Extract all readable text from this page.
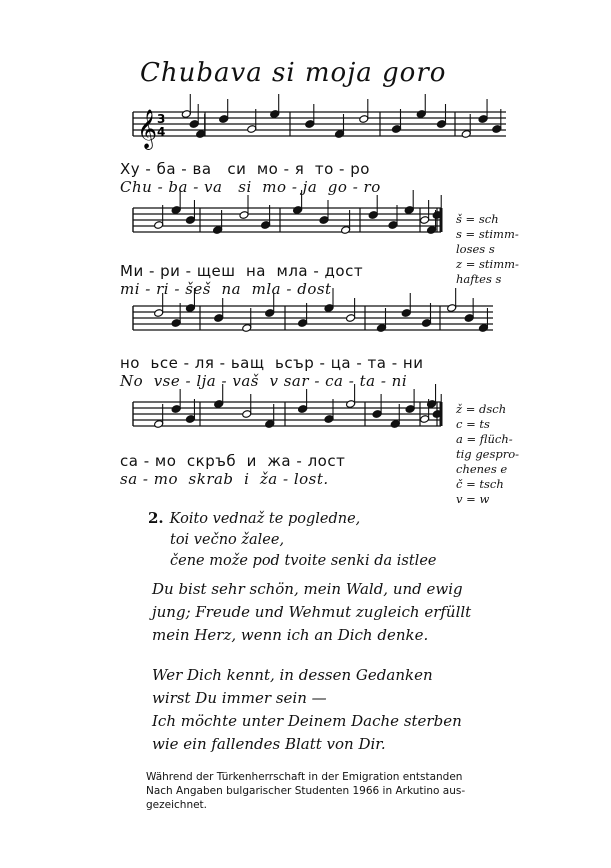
Chubava si moja goro
𝄞 3
4
Ху - ба - ва   си  мо - я  то - ро
Chu - ba - va   si  mo - ja  go - ro
Ми - ри - щеш  на  мла - дост
mi - ri - šeš  na  mla - dost
но  ьсе - ля - ьащ  ьсър - ца - та - ни
No  vse - lja - vaš  v sar - ca - ta - ni
са - мо  скръб  и  жа - лост
sa - mo  skrab  i  ža - lost.
š = sch
s = stimm-
loses s
z = stimm-
haftes s
ž = dsch
c = ts
a = flüch-
tig gespro-
chenes e
č = tsch
v = w
2. Koito vednaž te pogledne,
toi večno žalee,
čene može pod tvoite senki da istlee
Du bist sehr schön, mein Wald, und ewig
jung; Freude und Wehmut zugleich erfüllt
mein Herz, wenn ich an Dich denke.
Wer Dich kennt, in dessen Gedanken
wirst Du immer sein —
Ich möchte unter Deinem Dache sterben
wie ein fallendes Blatt von Dir.
Während der Türkenherrschaft in der Emigration entstanden
Nach Angaben bulgarischer Studenten 1966 in Arkutino aus-
gezeichnet.
